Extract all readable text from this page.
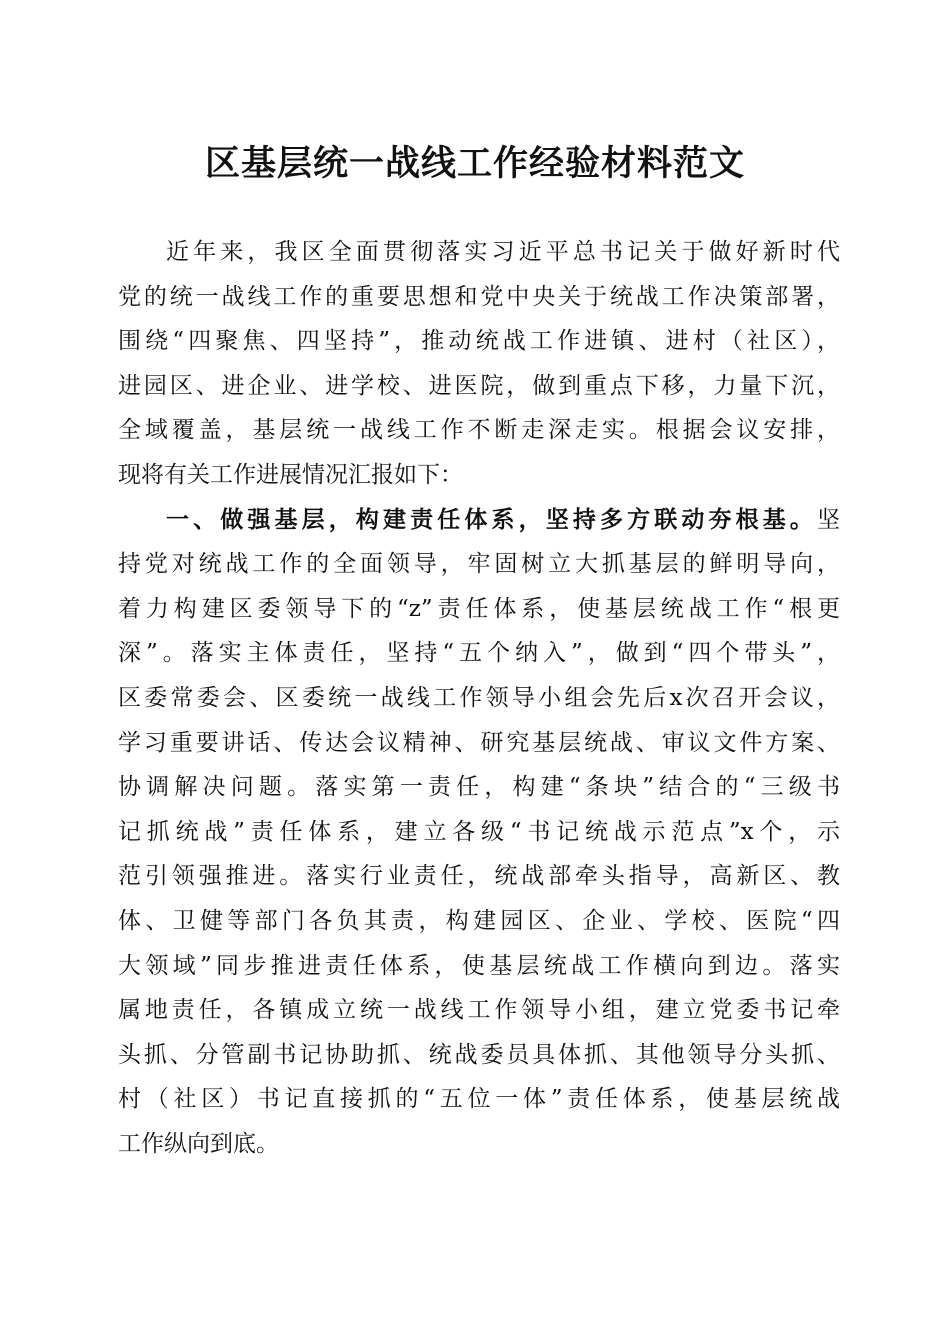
区基层统一战线工作经验材料范文
近年来，我区全面贯彻落实习近平总书记关于做好新时代
党的统一战线工作的重要思想和党中央关于统战工作决策部署，
围绕“四聚焦、四坚持”，推动统战工作进镇、进村（社区），
进园区、进企业、进学校、进医院，做到重点下移，力量下沉，
全域覆盖，基层统一战线工作不断走深走实。根据会议安排，
现将有关工作进展情况汇报如下：
一、做强基层，构建责任体系，坚持多方联动夯根基。坚
持党对统战工作的全面领导，牢固树立大抓基层的鲜明导向，
着力构建区委领导下的“z”责任体系，使基层统战工作“根更
深”。落实主体责任，坚持“五个纳入”，做到“四个带头”，
区委常委会、区委统一战线工作领导小组会先后x次召开会议，
学习重要讲话、传达会议精神、研究基层统战、审议文件方案、
协调解决问题。落实第一责任，构建“条块”结合的“三级书
记抓统战”责任体系，建立各级“书记统战示范点”x个，示
范引领强推进。落实行业责任，统战部牵头指导，高新区、教
体、卫健等部门各负其责，构建园区、企业、学校、医院“四
大领域”同步推进责任体系，使基层统战工作横向到边。落实
属地责任，各镇成立统一战线工作领导小组，建立党委书记牵
头抓、分管副书记协助抓、统战委员具体抓、其他领导分头抓、
村（社区）书记直接抓的“五位一体”责任体系，使基层统战
工作纵向到底。
